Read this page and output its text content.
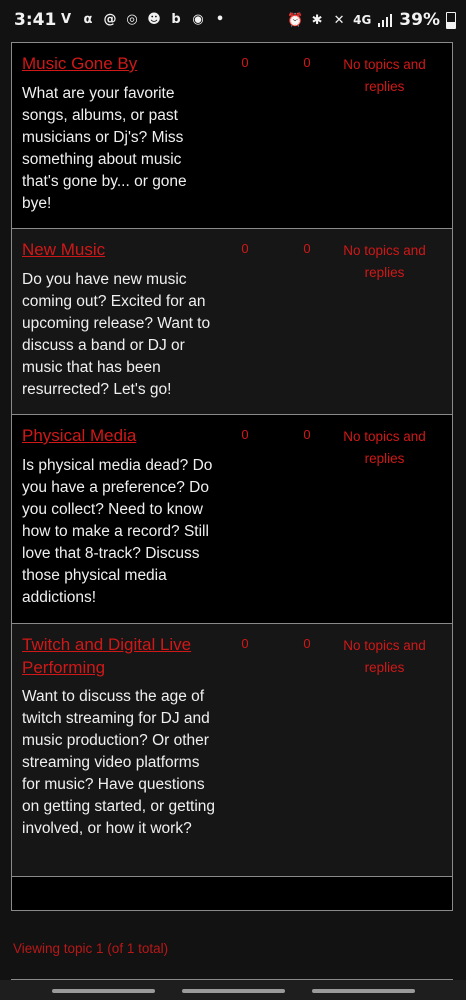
3:41 V ⍺ @ ◎ ☻ b ◉ •	⏰ ✱ ✕ 4G 39%
Music Gone By
What are your favorite songs, albums, or past musicians or Dj's? Miss something about music that's gone by... or gone bye!
0	0	No topics and replies
New Music
Do you have new music coming out? Excited for an upcoming release? Want to discuss a band or DJ or music that has been resurrected? Let's go!
0	0	No topics and replies
Physical Media
Is physical media dead? Do you have a preference? Do you collect? Need to know how to make a record? Still love that 8-track? Discuss those physical media addictions!
0	0	No topics and replies
Twitch and Digital Live Performing
Want to discuss the age of twitch streaming for DJ and music production? Or other streaming video platforms for music? Have questions on getting started, or getting involved, or how it work?
0	0	No topics and replies
Viewing topic 1 (of 1 total)
